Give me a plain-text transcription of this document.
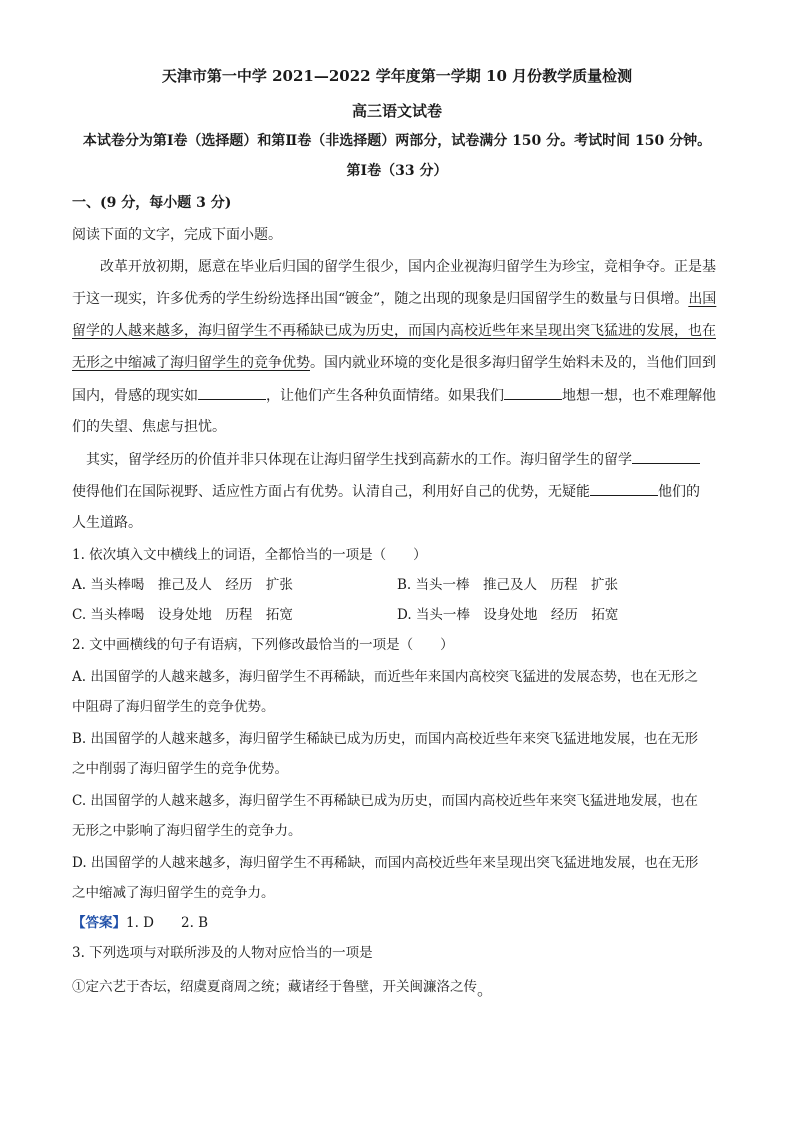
天津市第一中学 2021—2022 学年度第一学期 10 月份教学质量检测
高三语文试卷
本试卷分为第Ⅰ卷（选择题）和第Ⅱ卷（非选择题）两部分，试卷满分 150 分。考试时间 150 分钟。
第Ⅰ卷（33 分）
一、(9 分，每小题 3 分)
阅读下面的文字，完成下面小题。
改革开放初期，愿意在毕业后归国的留学生很少，国内企业视海归留学生为珍宝，竞相争夺。正是基
于这一现实，许多优秀的学生纷纷选择出国“镀金”，随之出现的现象是归国留学生的数量与日俱增。出国
留学的人越来越多，海归留学生不再稀缺已成为历史，而国内高校近些年来呈现出突飞猛进的发展，也在
无形之中缩减了海归留学生的竞争优势。国内就业环境的变化是很多海归留学生始料未及的，当他们回到
国内，骨感的现实如	，让他们产生各种负面情绪。如果我们	地想一想，也不难理解他
们的失望、焦虑与担忧。
其实，留学经历的价值并非只体现在让海归留学生找到高薪水的工作。海归留学生的留学
使得他们在国际视野、适应性方面占有优势。认清自己，利用好自己的优势，无疑能	他们的
人生道路。
1. 依次填入文中横线上的词语，全都恰当的一项是（　　）
A. 当头棒喝　推己及人　经历　扩张	B. 当头一棒　推己及人　历程　扩张
C. 当头棒喝　设身处地　历程　拓宽	D. 当头一棒　设身处地　经历　拓宽
2. 文中画横线的句子有语病，下列修改最恰当的一项是（　　）
A. 出国留学的人越来越多，海归留学生不再稀缺，而近些年来国内高校突飞猛进的发展态势，也在无形之
中阻碍了海归留学生的竞争优势。
B. 出国留学的人越来越多，海归留学生稀缺已成为历史，而国内高校近些年来突飞猛进地发展，也在无形
之中削弱了海归留学生的竞争优势。
C. 出国留学的人越来越多，海归留学生不再稀缺已成为历史，而国内高校近些年来突飞猛进地发展，也在
无形之中影响了海归留学生的竞争力。
D. 出国留学的人越来越多，海归留学生不再稀缺，而国内高校近些年来呈现出突飞猛进地发展，也在无形
之中缩减了海归留学生的竞争力。
【答案】1. D　　2. B
3. 下列选项与对联所涉及的人物对应恰当的一项是
①定六艺于杏坛，绍虞夏商周之统；藏诸经于鲁壁，开关闽濂洛之传。
